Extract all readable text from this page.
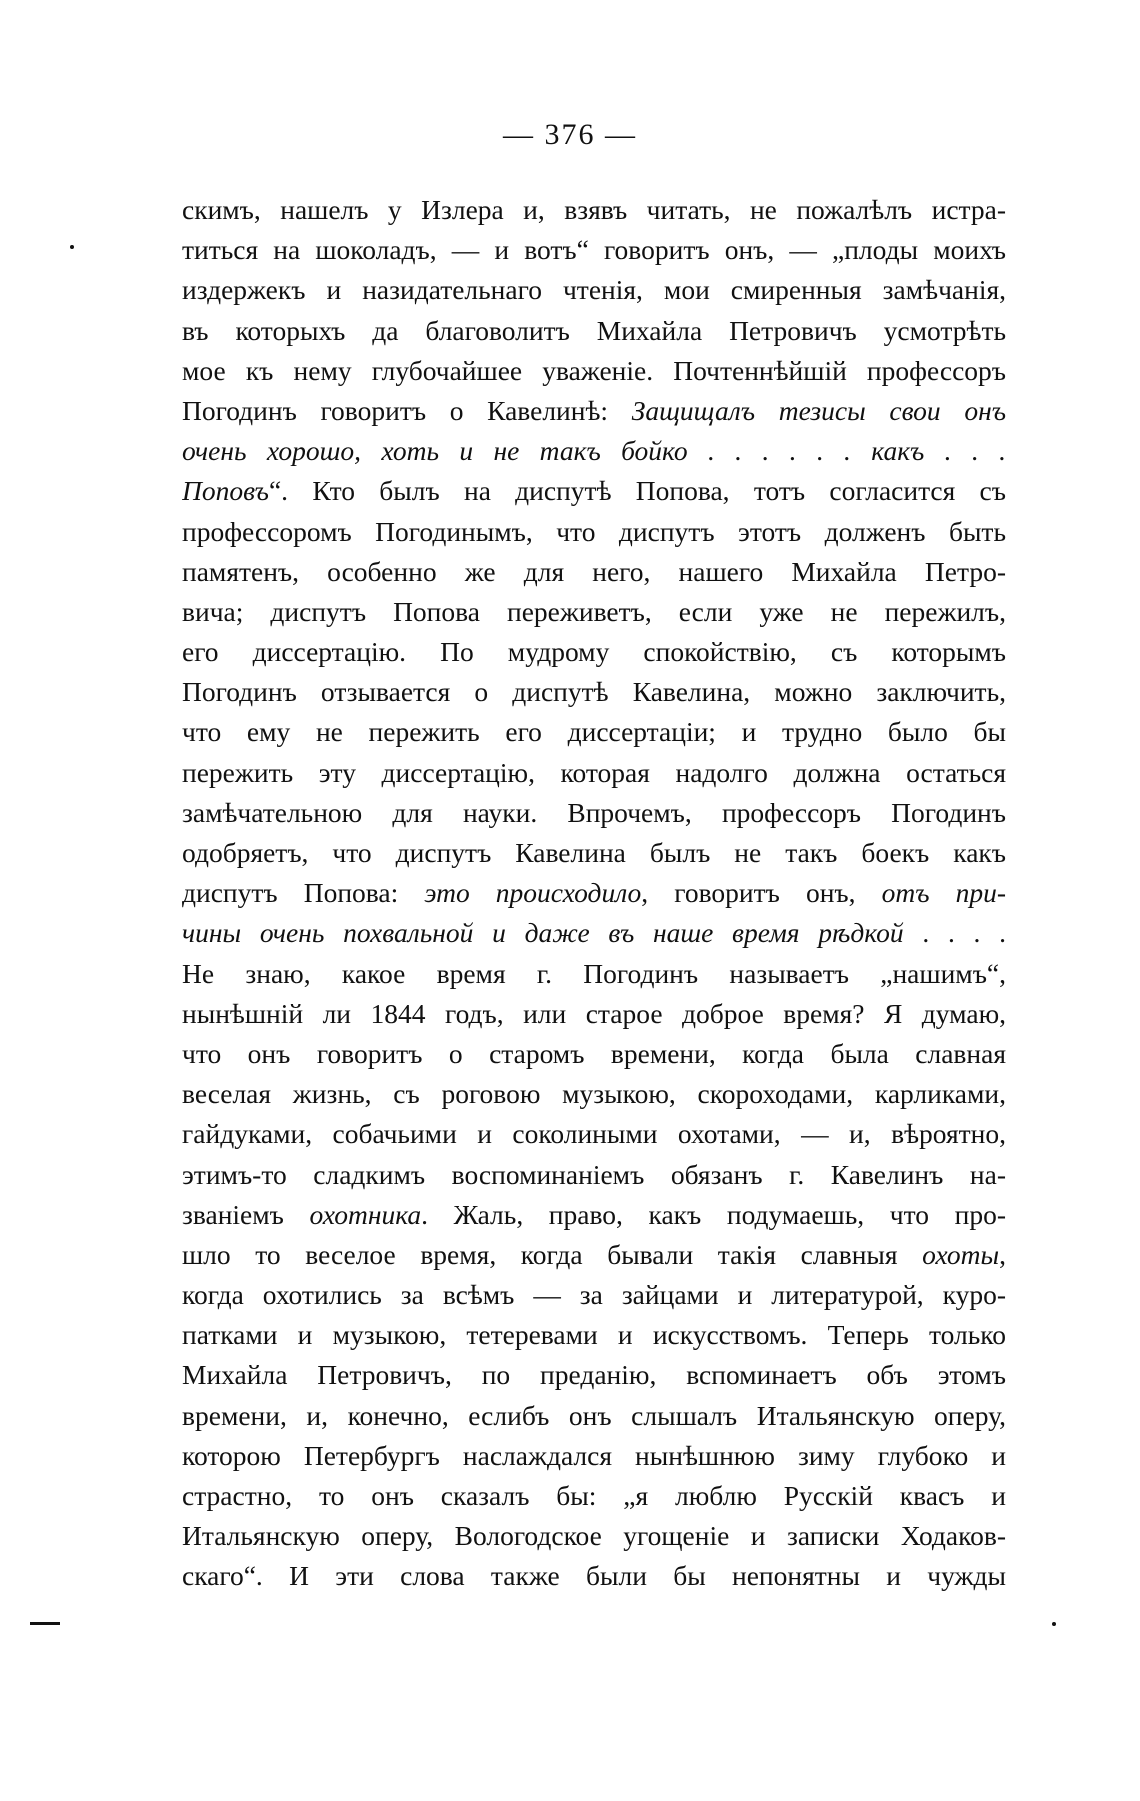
— 376 —
скимъ, нашелъ у Излера и, взявъ читать, не пожалѣлъ истра-
титься на шоколадъ, — и вотъ“ говоритъ онъ, — „плоды моихъ
издержекъ и назидательнаго чтенія, мои смиренныя замѣчанія,
въ которыхъ да благоволитъ Михайла Петровичъ усмотрѣть
мое къ нему глубочайшее уваженіе. Почтеннѣйшій профессоръ
Погодинъ говоритъ о Кавелинѣ: Защищалъ тезисы свои онъ
очень хорошо, хоть и не такъ бойко . . . . . . какъ . . .
Поповъ“. Кто былъ на диспутѣ Попова, тотъ согласится съ
профессоромъ Погодинымъ, что диспутъ этотъ долженъ быть
памятенъ, особенно же для него, нашего Михайла Петро-
вича; диспутъ Попова переживетъ, если уже не пережилъ,
его диссертацію. По мудрому спокойствію, съ которымъ
Погодинъ отзывается о диспутѣ Кавелина, можно заключить,
что ему не пережить его диссертаціи; и трудно было бы
пережить эту диссертацію, которая надолго должна остаться
замѣчательною для науки. Впрочемъ, профессоръ Погодинъ
одобряетъ, что диспутъ Кавелина былъ не такъ боекъ какъ
диспутъ Попова: это происходило, говоритъ онъ, отъ при-
чины очень похвальной и даже въ наше время рѣдкой . . . .
Не знаю, какое время г. Погодинъ называетъ „нашимъ“,
нынѣшній ли 1844 годъ, или старое доброе время? Я думаю,
что онъ говоритъ о старомъ времени, когда была славная
веселая жизнь, съ роговою музыкою, скороходами, карликами,
гайдуками, собачьими и соколиными охотами, — и, вѣроятно,
этимъ-то сладкимъ воспоминаніемъ обязанъ г. Кавелинъ на-
званіемъ охотника. Жаль, право, какъ подумаешь, что про-
шло то веселое время, когда бывали такія славныя охоты,
когда охотились за всѣмъ — за зайцами и литературой, куро-
патками и музыкою, тетеревами и искусствомъ. Теперь только
Михайла Петровичъ, по преданію, вспоминаетъ объ этомъ
времени, и, конечно, еслибъ онъ слышалъ Итальянскую оперу,
которою Петербургъ наслаждался нынѣшнюю зиму глубоко и
страстно, то онъ сказалъ бы: „я люблю Русскій квасъ и
Итальянскую оперу, Вологодское угощеніе и записки Ходаков-
скаго“. И эти слова также были бы непонятны и чужды
